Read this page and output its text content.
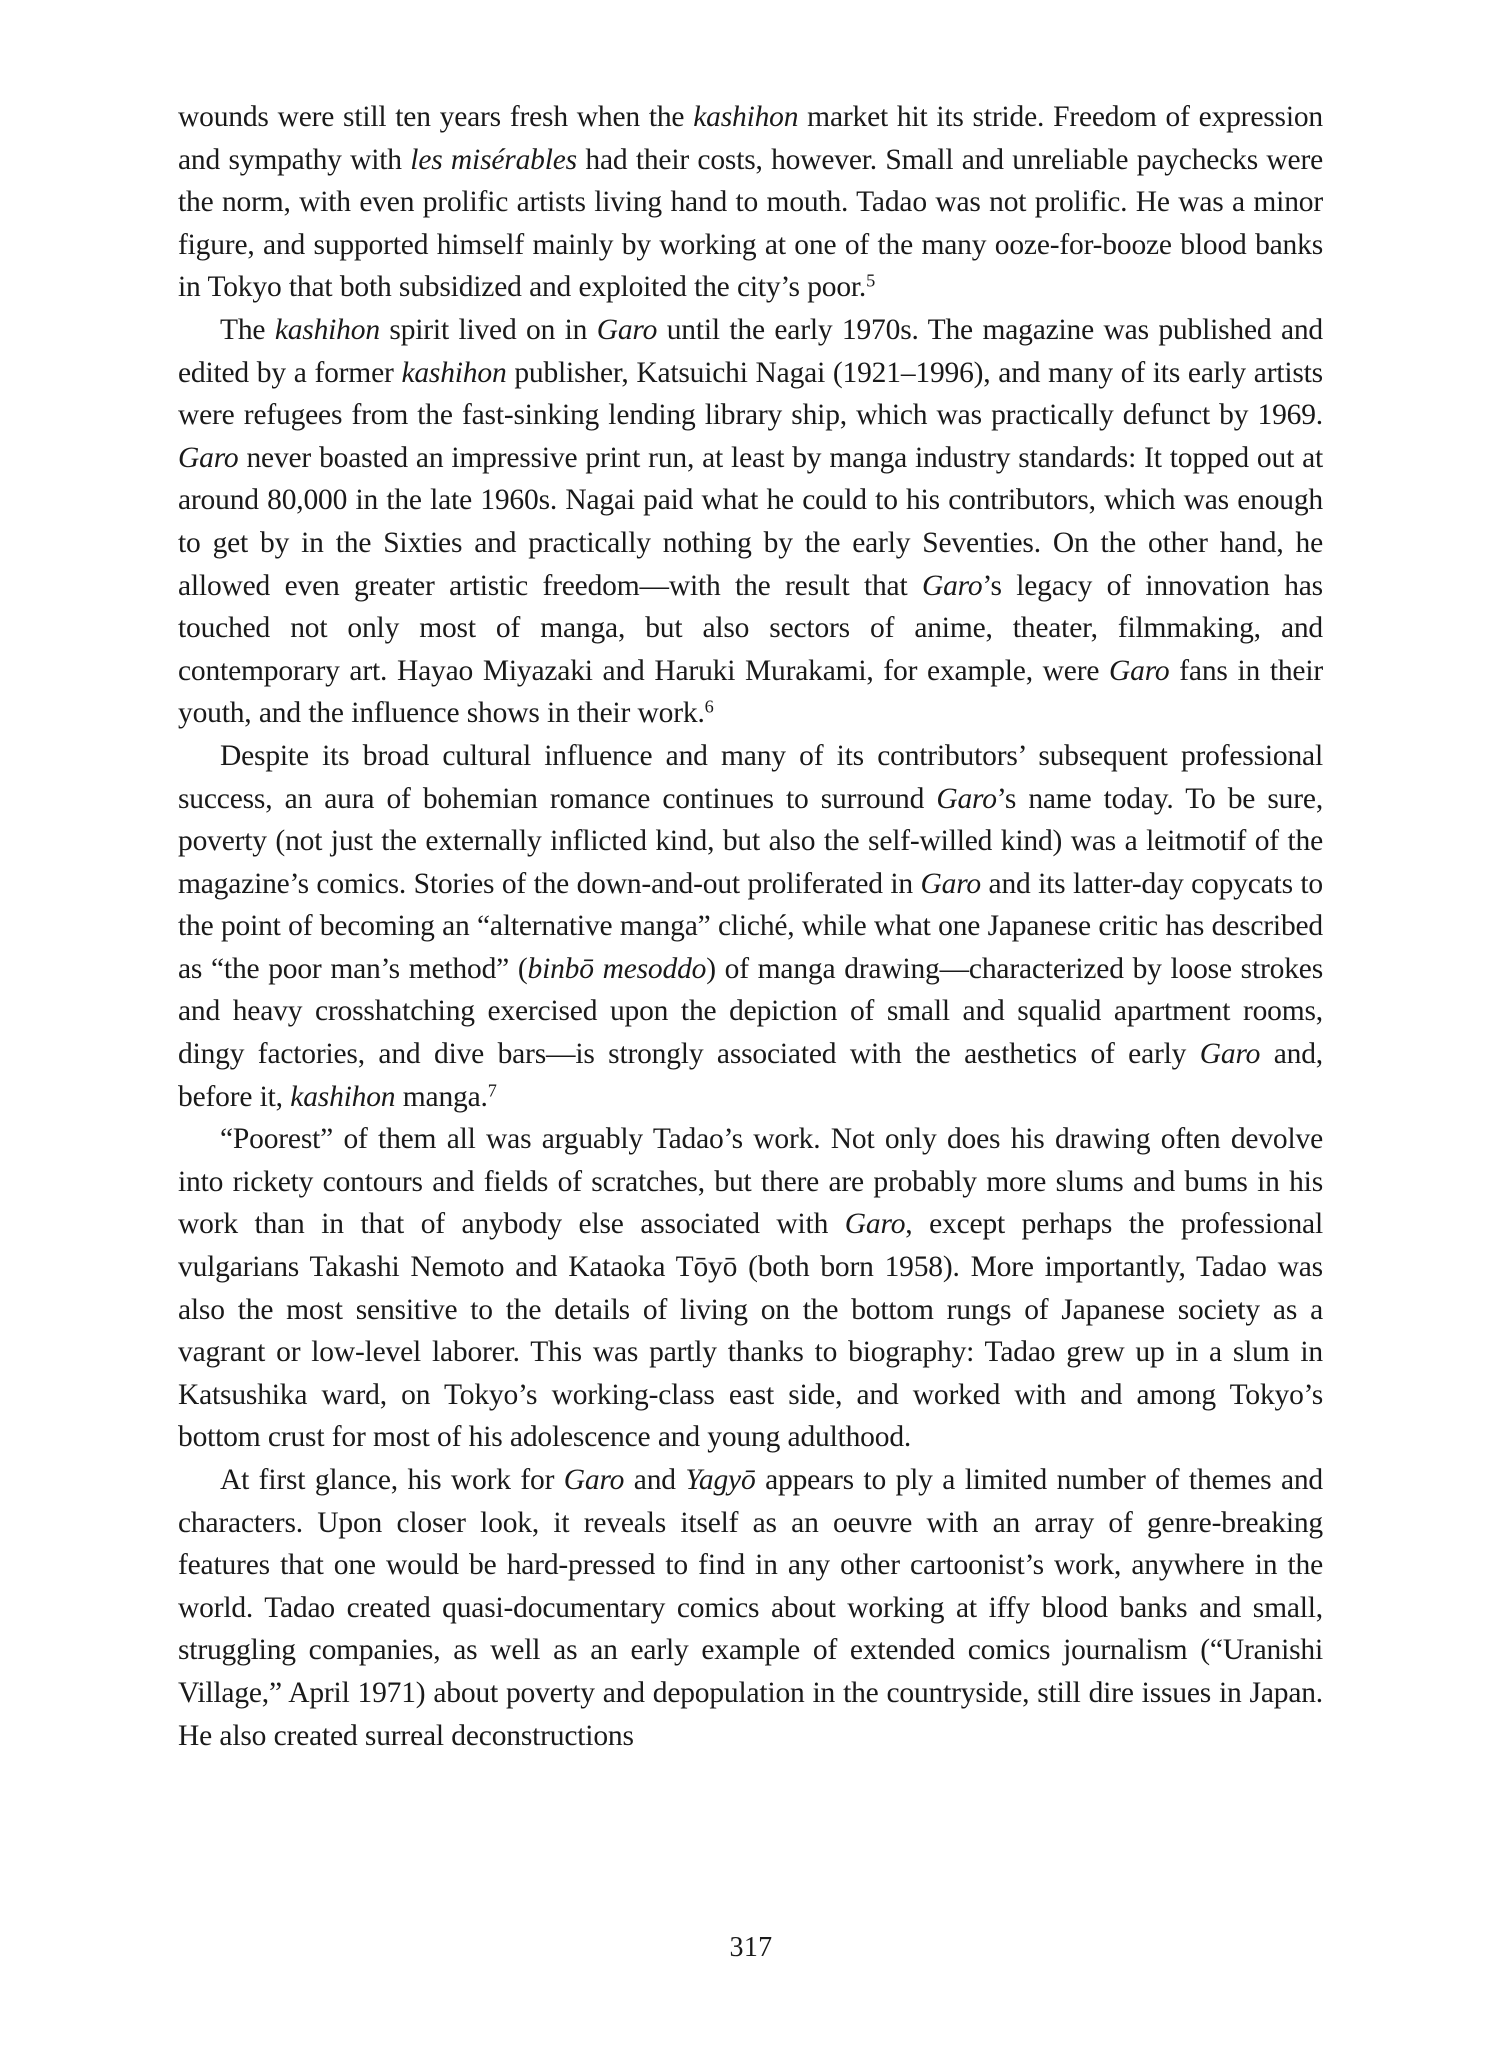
wounds were still ten years fresh when the kashihon market hit its stride. Freedom of expression and sympathy with les misérables had their costs, however. Small and unreliable paychecks were the norm, with even prolific artists living hand to mouth. Tadao was not prolific. He was a minor figure, and supported himself mainly by working at one of the many ooze-for-booze blood banks in Tokyo that both subsidized and exploited the city’s poor.$^5$

The kashihon spirit lived on in Garo until the early 1970s. The magazine was published and edited by a former kashihon publisher, Katsuichi Nagai (1921–1996), and many of its early artists were refugees from the fast-sinking lending library ship, which was practically defunct by 1969. Garo never boasted an impressive print run, at least by manga industry standards: It topped out at around 80,000 in the late 1960s. Nagai paid what he could to his contributors, which was enough to get by in the Sixties and practically nothing by the early Seventies. On the other hand, he allowed even greater artistic freedom—with the result that Garo’s legacy of innovation has touched not only most of manga, but also sectors of anime, theater, filmmaking, and contemporary art. Hayao Miyazaki and Haruki Murakami, for example, were Garo fans in their youth, and the influence shows in their work.$^6$

Despite its broad cultural influence and many of its contributors’ subsequent professional success, an aura of bohemian romance continues to surround Garo’s name today. To be sure, poverty (not just the externally inflicted kind, but also the self-willed kind) was a leitmotif of the magazine’s comics. Stories of the down-and-out proliferated in Garo and its latter-day copycats to the point of becoming an “alternative manga” cliché, while what one Japanese critic has described as “the poor man’s method” (binbō mesoddo) of manga drawing—characterized by loose strokes and heavy crosshatching exercised upon the depiction of small and squalid apartment rooms, dingy factories, and dive bars—is strongly associated with the aesthetics of early Garo and, before it, kashihon manga.$^7$

“Poorest” of them all was arguably Tadao’s work. Not only does his drawing often devolve into rickety contours and fields of scratches, but there are probably more slums and bums in his work than in that of anybody else associated with Garo, except perhaps the professional vulgarians Takashi Nemoto and Kataoka Tōyō (both born 1958). More importantly, Tadao was also the most sensitive to the details of living on the bottom rungs of Japanese society as a vagrant or low-level laborer. This was partly thanks to biography: Tadao grew up in a slum in Katsushika ward, on Tokyo’s working-class east side, and worked with and among Tokyo’s bottom crust for most of his adolescence and young adulthood.

At first glance, his work for Garo and Yagyō appears to ply a limited number of themes and characters. Upon closer look, it reveals itself as an oeuvre with an array of genre-breaking features that one would be hard-pressed to find in any other cartoonist’s work, anywhere in the world. Tadao created quasi-documentary comics about working at iffy blood banks and small, struggling companies, as well as an early example of extended comics journalism (“Uranishi Village,” April 1971) about poverty and depopulation in the countryside, still dire issues in Japan. He also created surreal deconstructions

317
